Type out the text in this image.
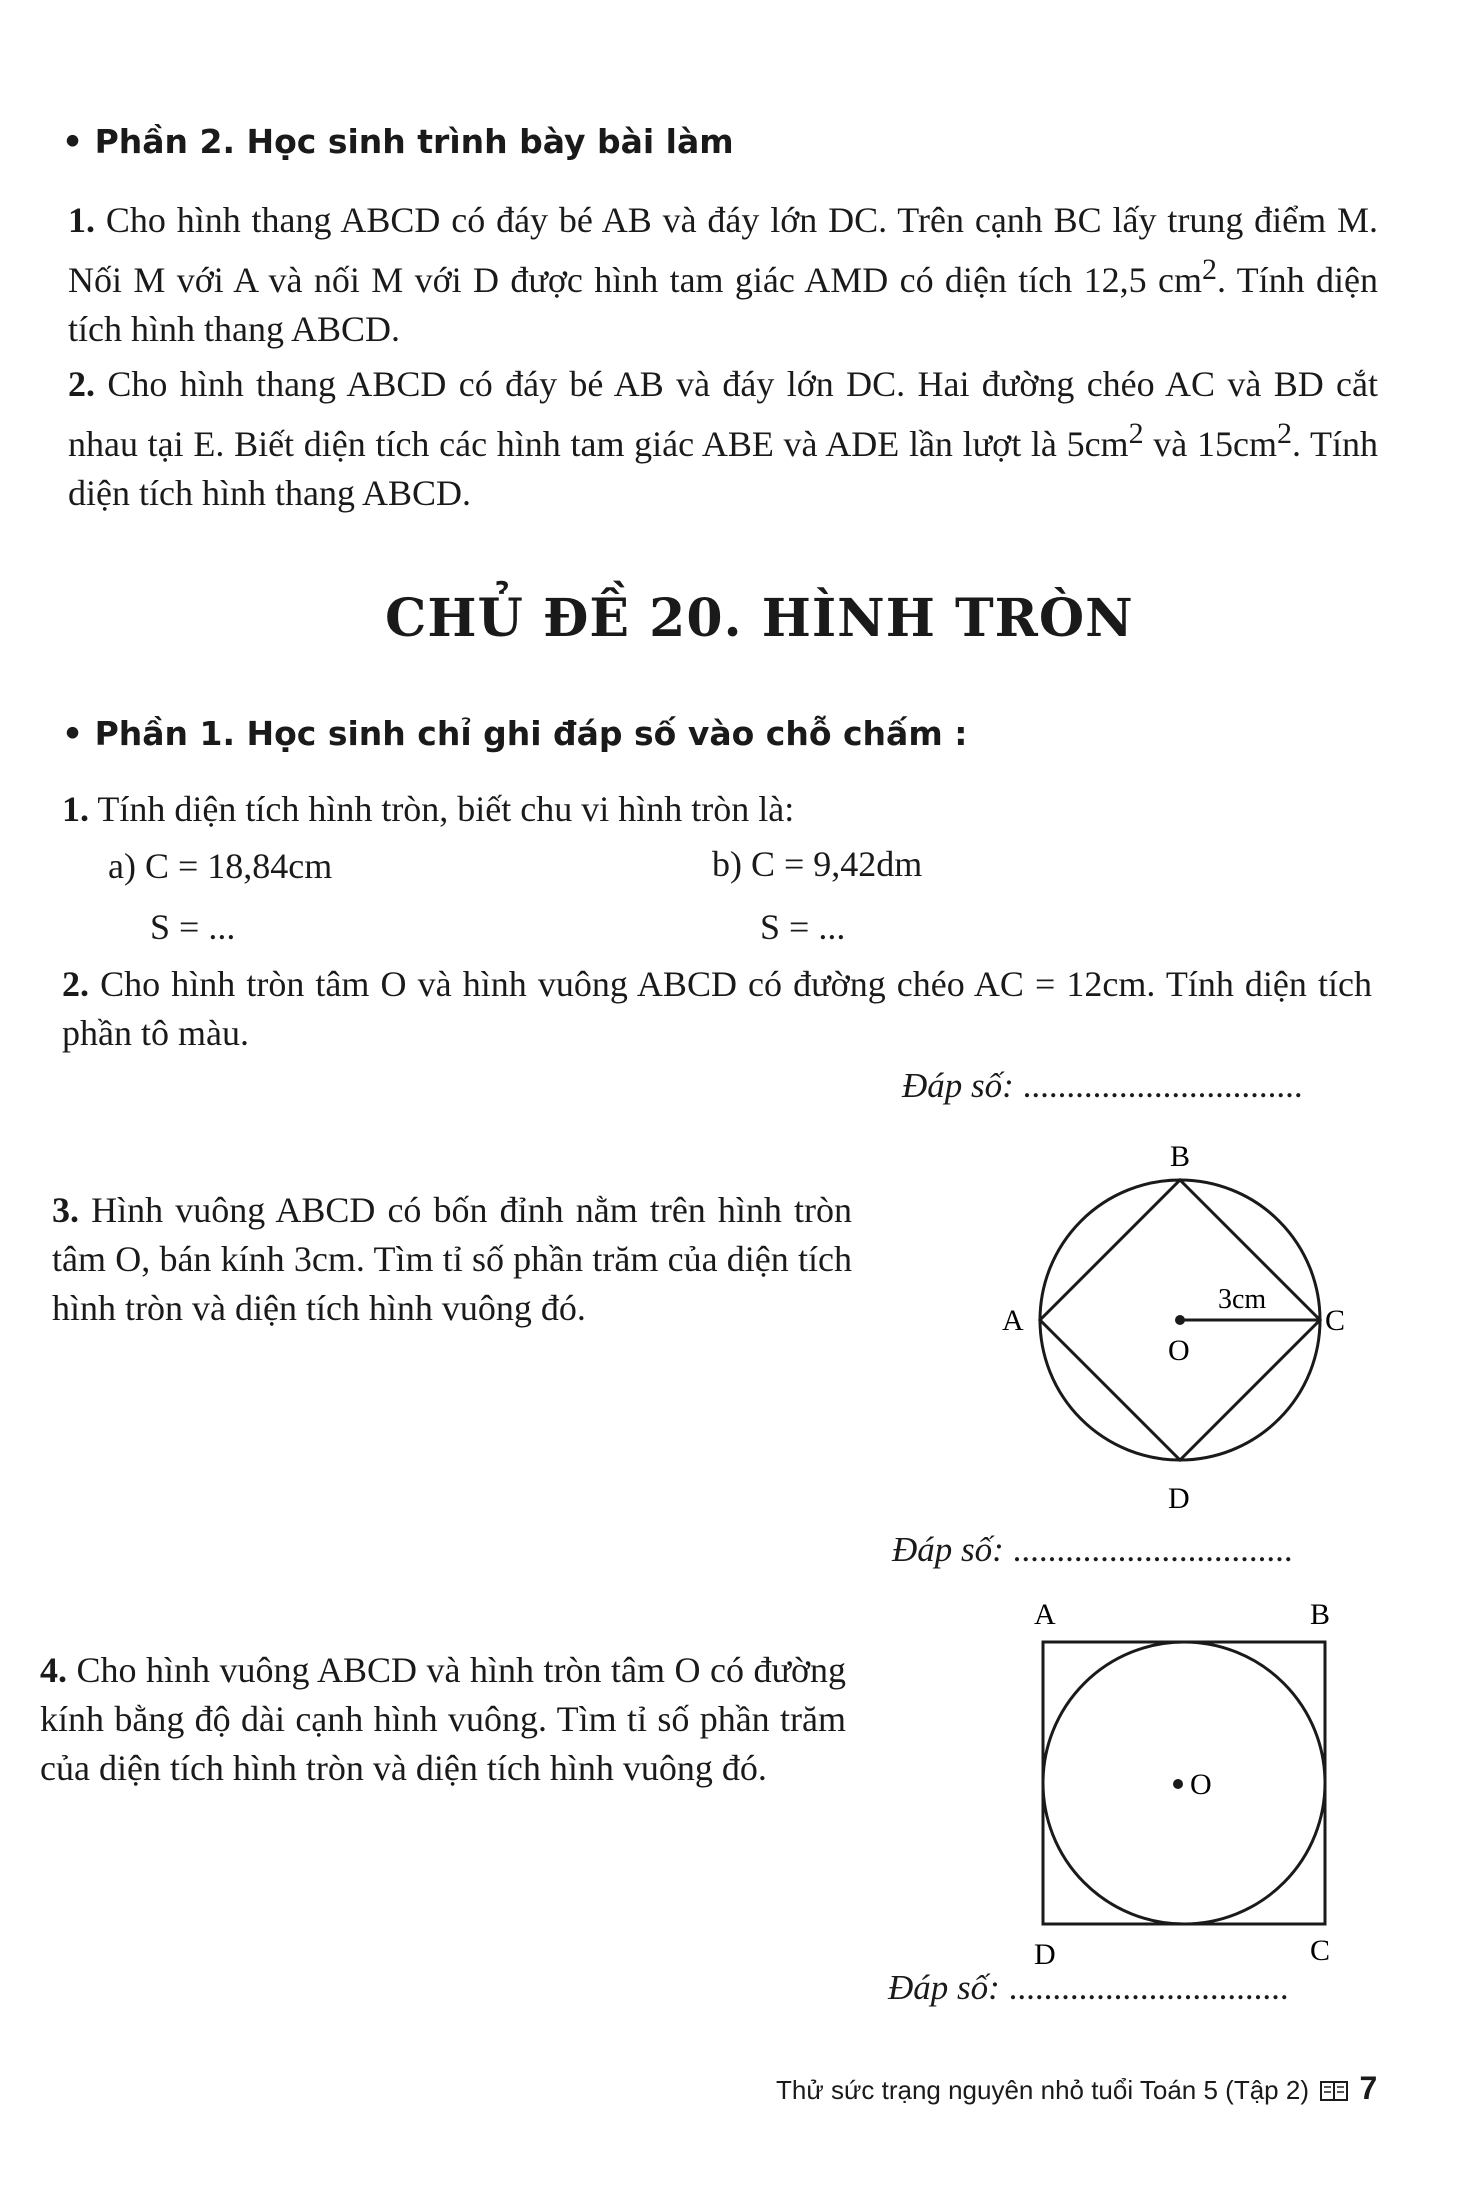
• Phần 2. Học sinh trình bày bài làm
1. Cho hình thang ABCD có đáy bé AB và đáy lớn DC. Trên cạnh BC lấy trung điểm M. Nối M với A và nối M với D được hình tam giác AMD có diện tích 12,5 $cm^2$. Tính diện tích hình thang ABCD.
2. Cho hình thang ABCD có đáy bé AB và đáy lớn DC. Hai đường chéo AC và BD cắt nhau tại E. Biết diện tích các hình tam giác ABE và ADE lần lượt là $5cm^2$ và $15cm^2$. Tính diện tích hình thang ABCD.
CHỦ ĐỀ 20. HÌNH TRÒN
• Phần 1. Học sinh chỉ ghi đáp số vào chỗ chấm :
1. Tính diện tích hình tròn, biết chu vi hình tròn là:
a) C = 18,84cm	b) C = 9,42dm
S = ...	S = ...
2. Cho hình tròn tâm O và hình vuông ABCD có đường chéo AC = 12cm. Tính diện tích phần tô màu.
Đáp số: ................................
3. Hình vuông ABCD có bốn đỉnh nằm trên hình tròn tâm O, bán kính 3cm. Tìm tỉ số phần trăm của diện tích hình tròn và diện tích hình vuông đó.
B
A	C
D
O
3cm
Đáp số: ................................
4. Cho hình vuông ABCD và hình tròn tâm O có đường kính bằng độ dài cạnh hình vuông. Tìm tỉ số phần trăm của diện tích hình tròn và diện tích hình vuông đó.
A	B
D	C
O
Đáp số: ................................
Thử sức trạng nguyên nhỏ tuổi Toán 5 (Tập 2) 7
